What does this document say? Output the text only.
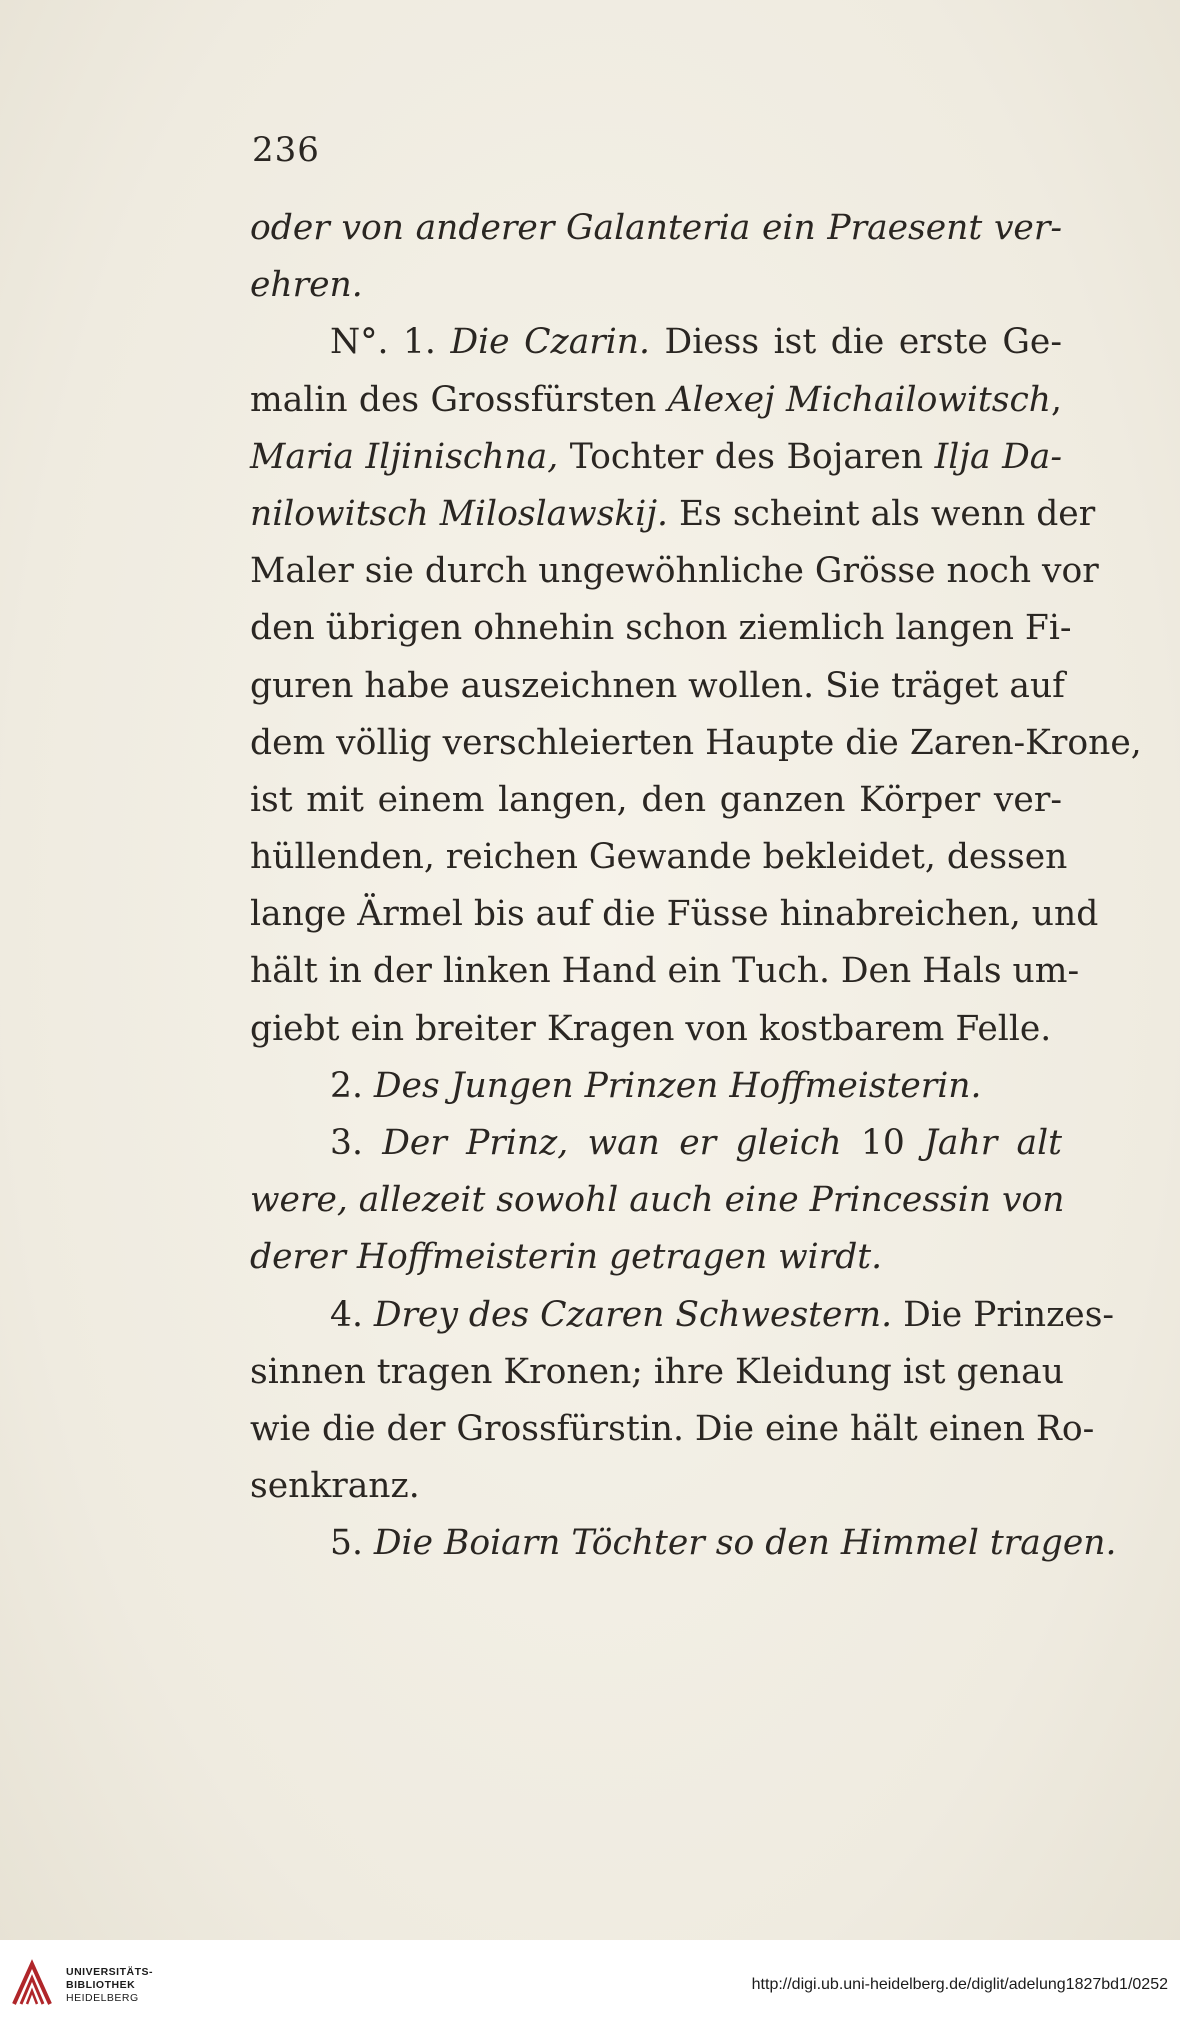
236
oder von anderer Galanteria ein Praesent ver-
ehren.
N°. 1. Die Czarin. Diess ist die erste Ge-
malin des Grossfürsten Alexej Michailowitsch,
Maria Iljinischna, Tochter des Bojaren Ilja Da-
nilowitsch Miloslawskij. Es scheint als wenn der
Maler sie durch ungewöhnliche Grösse noch vor
den übrigen ohnehin schon ziemlich langen Fi-
guren habe auszeichnen wollen. Sie träget auf
dem völlig verschleierten Haupte die Zaren-Krone,
ist mit einem langen, den ganzen Körper ver-
hüllenden, reichen Gewande bekleidet, dessen
lange Ärmel bis auf die Füsse hinabreichen, und
hält in der linken Hand ein Tuch. Den Hals um-
giebt ein breiter Kragen von kostbarem Felle.
2. Des Jungen Prinzen Hoffmeisterin.
3. Der Prinz, wan er gleich 10 Jahr alt
were, allezeit sowohl auch eine Princessin von
derer Hoffmeisterin getragen wirdt.
4. Drey des Czaren Schwestern. Die Prinzes-
sinnen tragen Kronen; ihre Kleidung ist genau
wie die der Grossfürstin. Die eine hält einen Ro-
senkranz.
5. Die Boiarn Töchter so den Himmel tragen.
UNIVERSITÄTS-
BIBLIOTHEK
HEIDELBERG
http://digi.ub.uni-heidelberg.de/diglit/adelung1827bd1/0252
